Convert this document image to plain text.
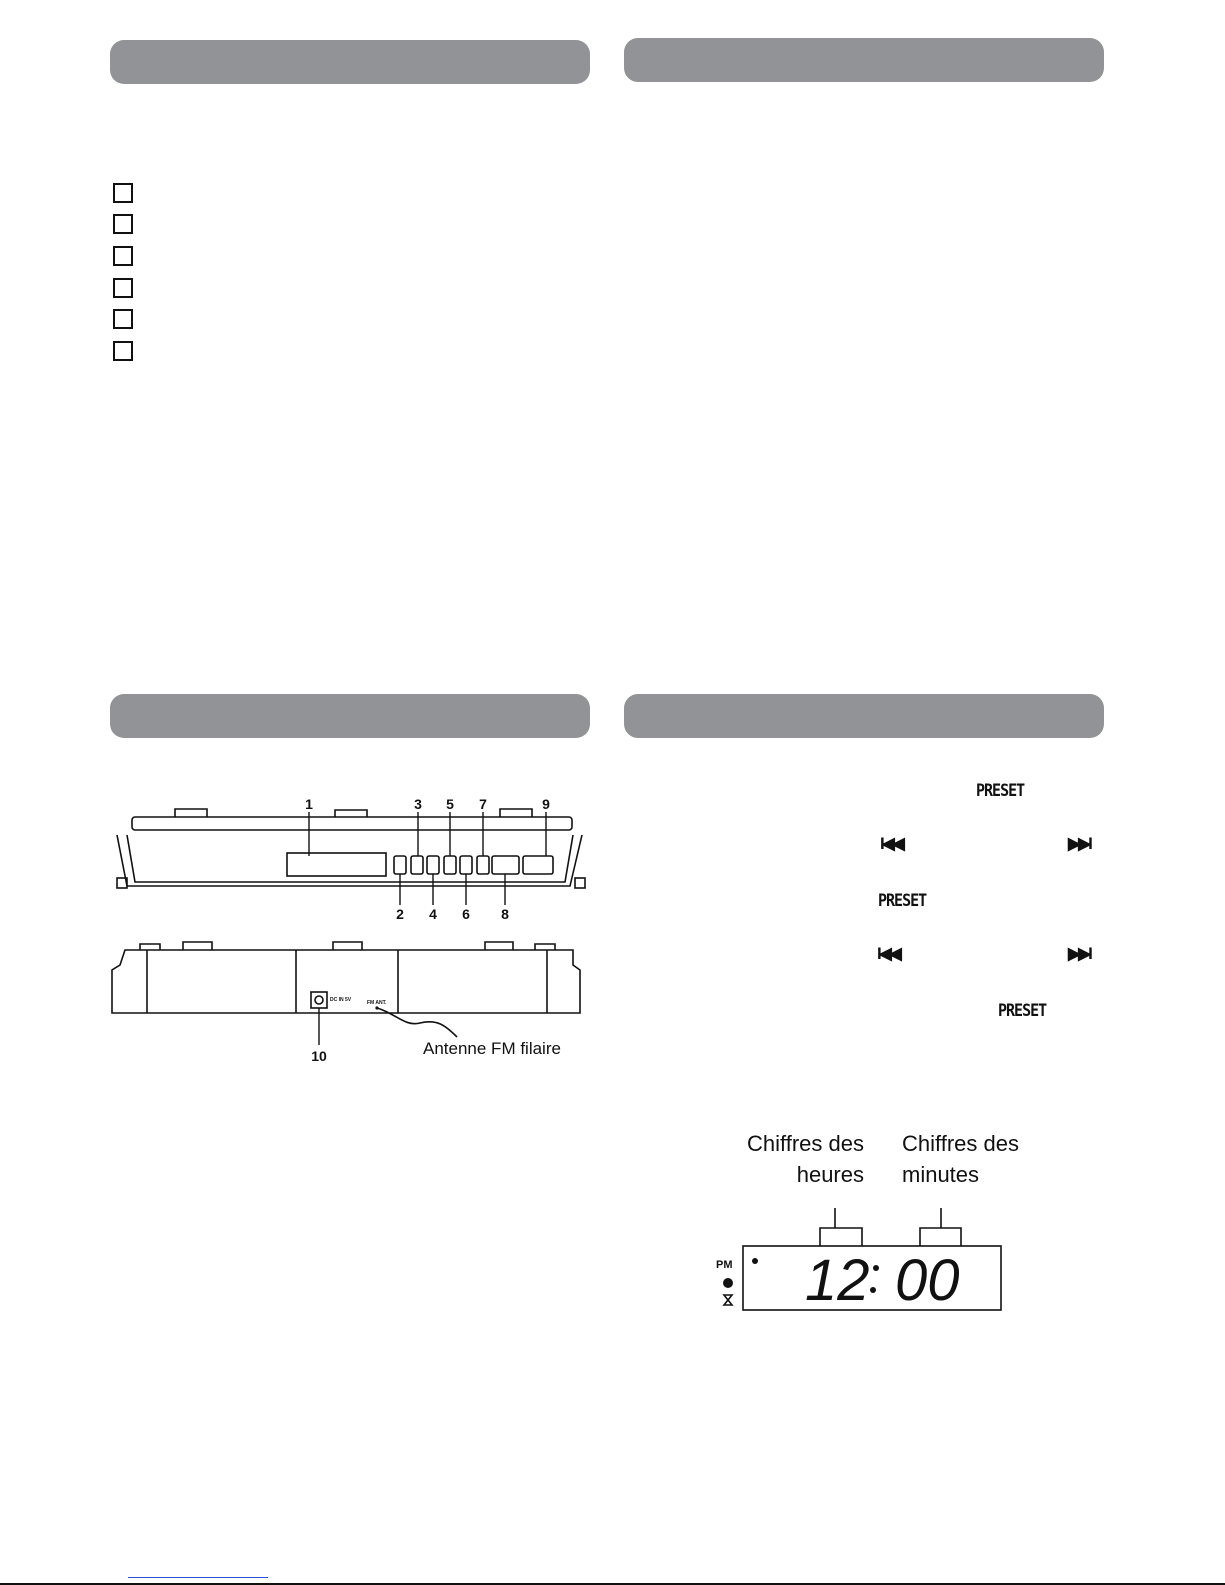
1	3 5 7	9
2 4 6 8
DC IN 5V	FM ANT.
10	Antenne FM filaire
PRESET
I◀◀	▶▶I
PRESET
I◀◀	▶▶I
PRESET
Chiffres des
heures
Chiffres des
minutes
PM 12 00
